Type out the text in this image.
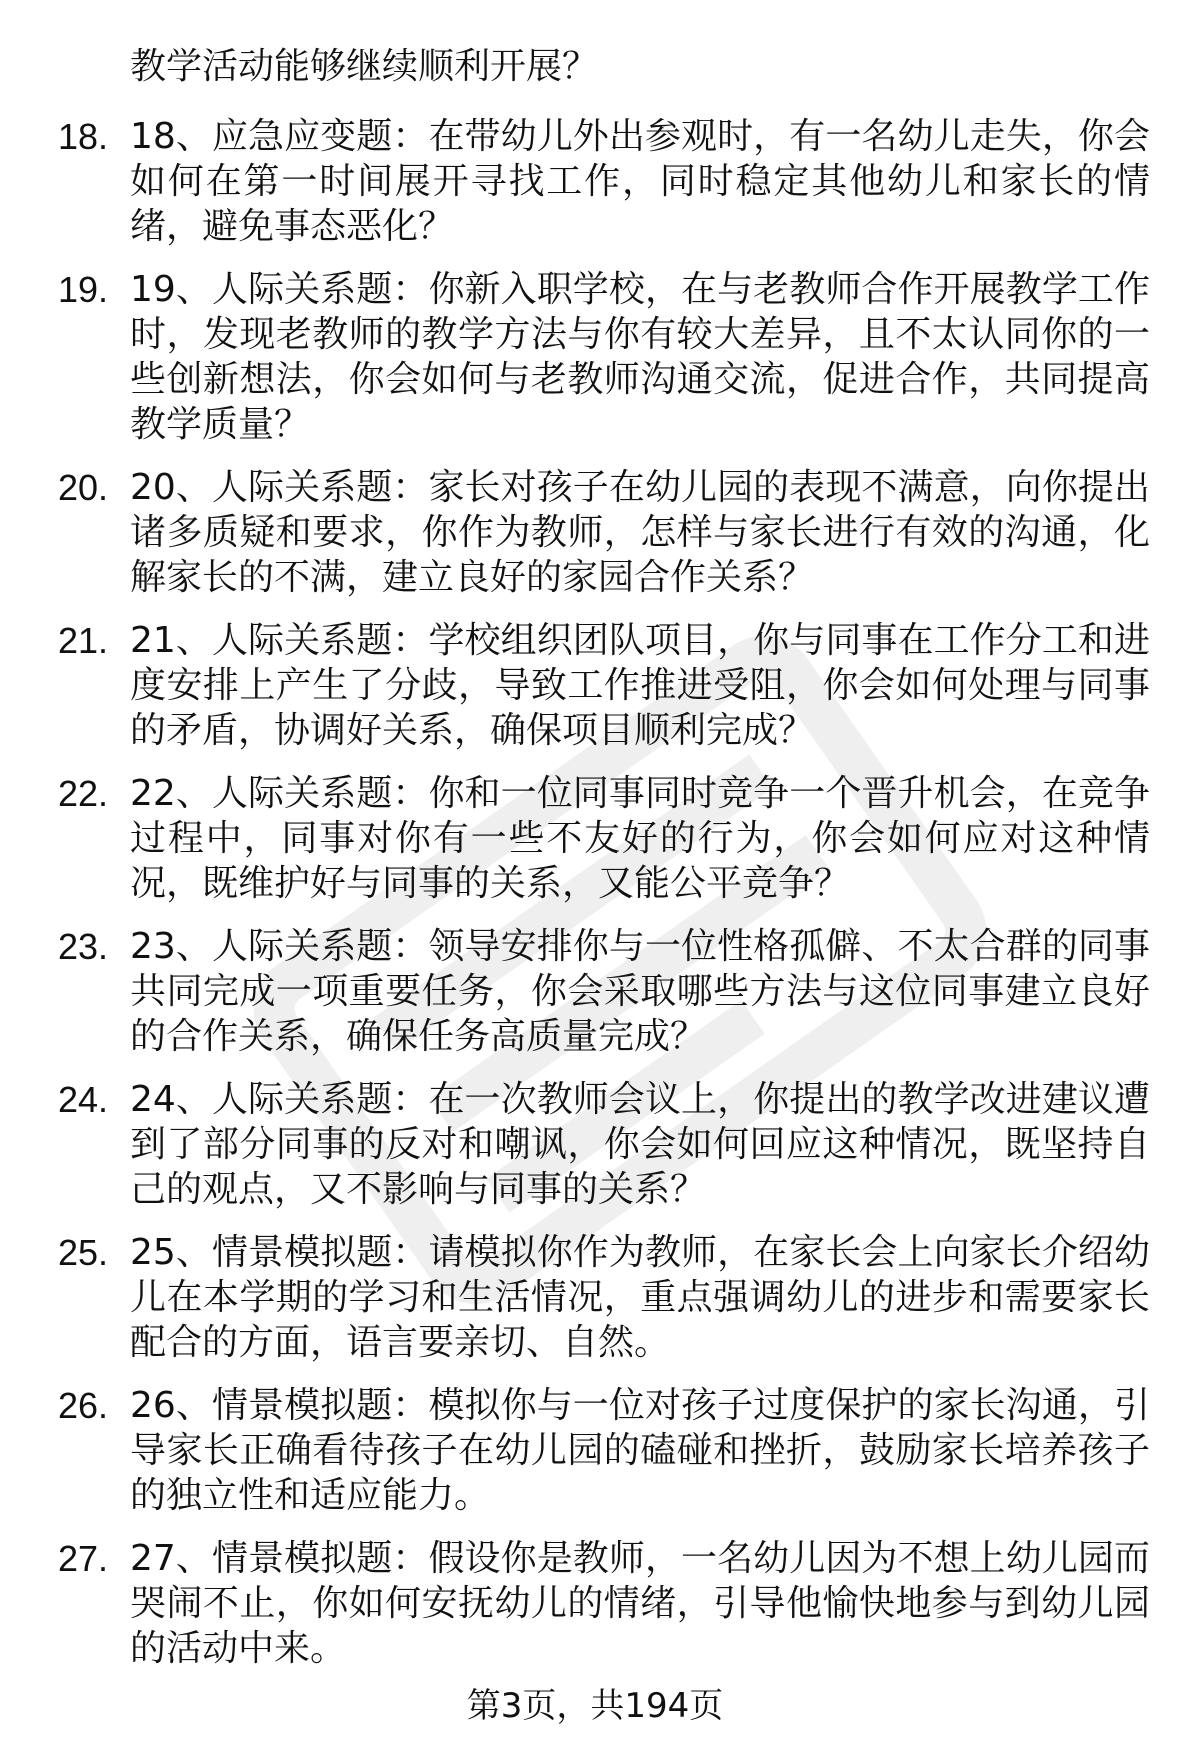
教学活动能够继续顺利开展？

18. 18、应急应变题：在带幼儿外出参观时，有一名幼儿走失，你会如何在第一时间展开寻找工作，同时稳定其他幼儿和家长的情绪，避免事态恶化？
19. 19、人际关系题：你新入职学校，在与老教师合作开展教学工作时，发现老教师的教学方法与你有较大差异，且不太认同你的一些创新想法，你会如何与老教师沟通交流，促进合作，共同提高教学质量？
20. 20、人际关系题：家长对孩子在幼儿园的表现不满意，向你提出诸多质疑和要求，你作为教师，怎样与家长进行有效的沟通，化解家长的不满，建立良好的家园合作关系？
21. 21、人际关系题：学校组织团队项目，你与同事在工作分工和进度安排上产生了分歧，导致工作推进受阻，你会如何处理与同事的矛盾，协调好关系，确保项目顺利完成？
22. 22、人际关系题：你和一位同事同时竞争一个晋升机会，在竞争过程中，同事对你有一些不友好的行为，你会如何应对这种情况，既维护好与同事的关系，又能公平竞争？
23. 23、人际关系题：领导安排你与一位性格孤僻、不太合群的同事共同完成一项重要任务，你会采取哪些方法与这位同事建立良好的合作关系，确保任务高质量完成？
24. 24、人际关系题：在一次教师会议上，你提出的教学改进建议遭到了部分同事的反对和嘲讽，你会如何回应这种情况，既坚持自己的观点，又不影响与同事的关系？
25. 25、情景模拟题：请模拟你作为教师，在家长会上向家长介绍幼儿在本学期的学习和生活情况，重点强调幼儿的进步和需要家长配合的方面，语言要亲切、自然。
26. 26、情景模拟题：模拟你与一位对孩子过度保护的家长沟通，引导家长正确看待孩子在幼儿园的磕碰和挫折，鼓励家长培养孩子的独立性和适应能力。
27. 27、情景模拟题：假设你是教师，一名幼儿因为不想上幼儿园而哭闹不止，你如何安抚幼儿的情绪，引导他愉快地参与到幼儿园的活动中来。
第3页，共194页
